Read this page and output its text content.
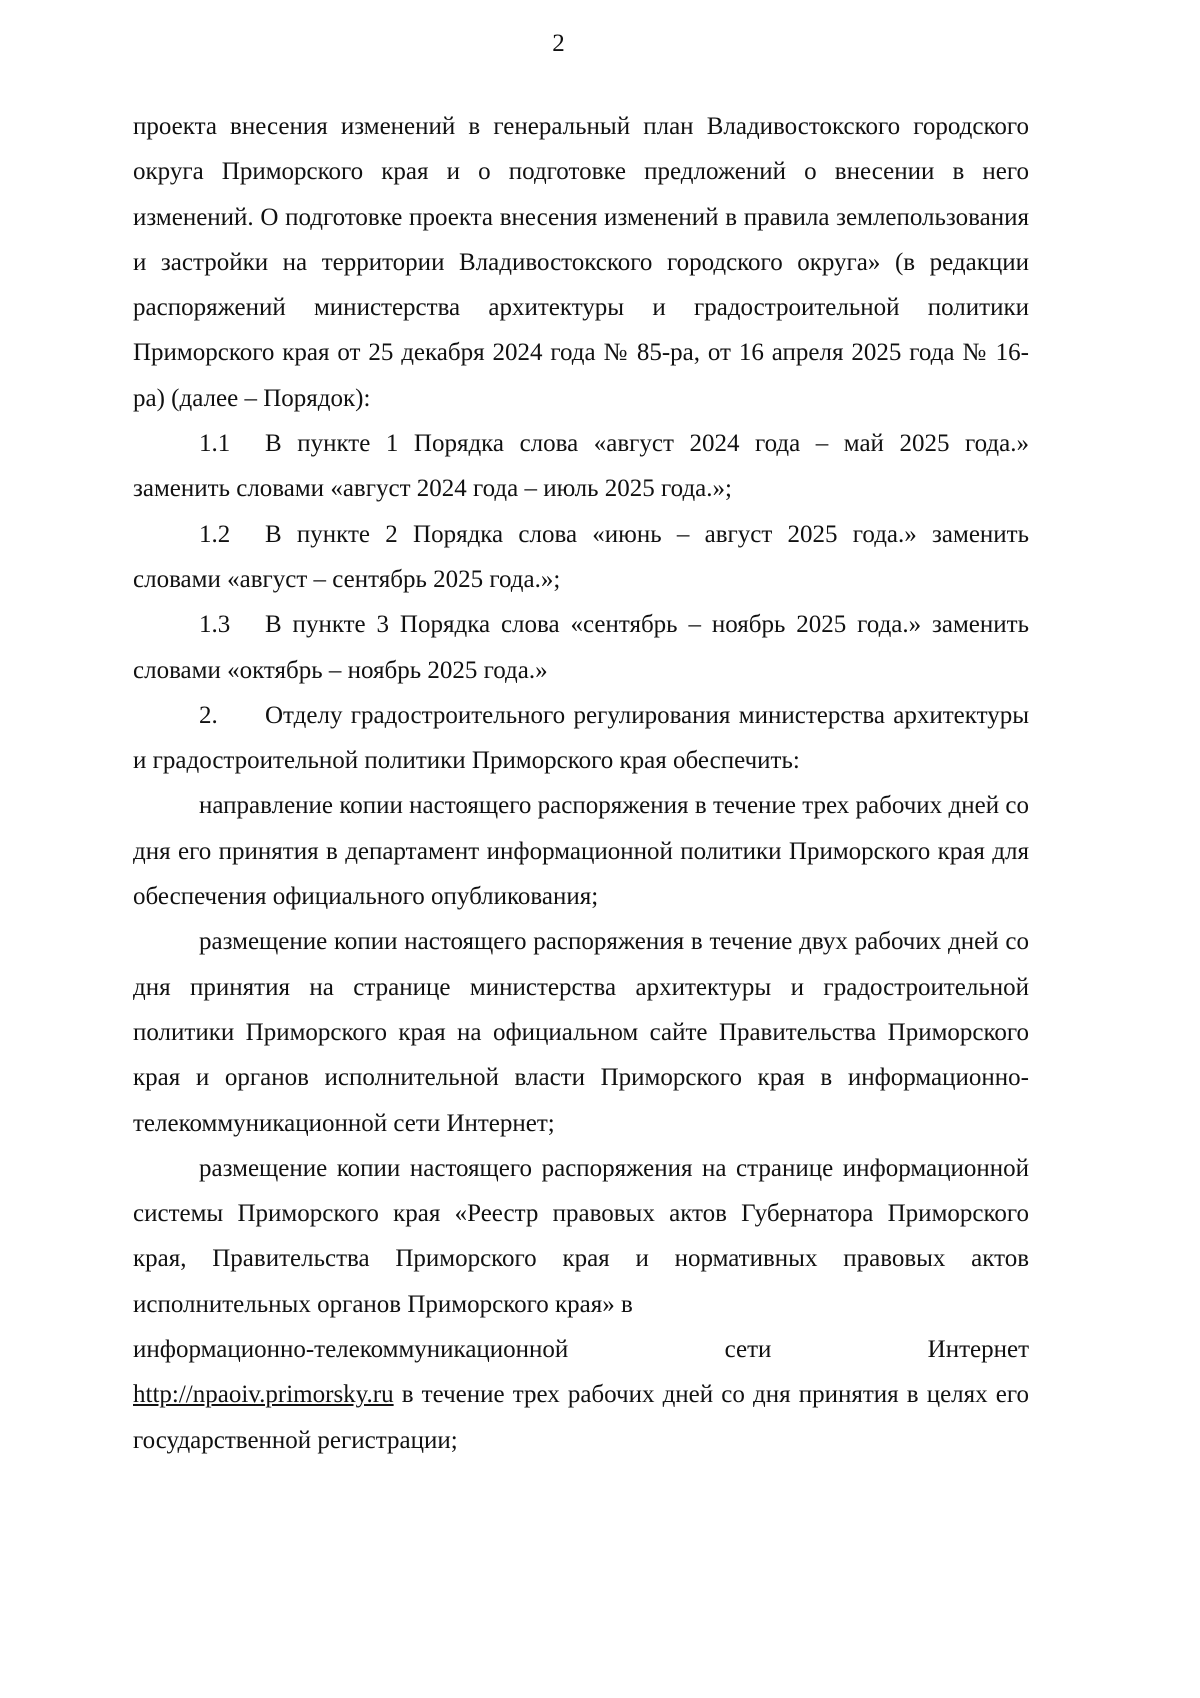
2

проекта внесения изменений в генеральный план Владивостокского городского округа Приморского края и о подготовке предложений о внесении в него изменений. О подготовке проекта внесения изменений в правила землепользования и застройки на территории Владивостокского городского округа» (в редакции распоряжений министерства архитектуры и градостроительной политики Приморского края от 25 декабря 2024 года № 85-ра, от 16 апреля 2025 года № 16-ра) (далее – Порядок):

1.1 В пункте 1 Порядка слова «август 2024 года – май 2025 года.» заменить словами «август 2024 года – июль 2025 года.»;

1.2 В пункте 2 Порядка слова «июнь – август 2025 года.» заменить словами «август – сентябрь 2025 года.»;

1.3 В пункте 3 Порядка слова «сентябрь – ноябрь 2025 года.» заменить словами «октябрь – ноябрь 2025 года.»

2. Отделу градостроительного регулирования министерства архитектуры и градостроительной политики Приморского края обеспечить:

направление копии настоящего распоряжения в течение трех рабочих дней со дня его принятия в департамент информационной политики Приморского края для обеспечения официального опубликования;

размещение копии настоящего распоряжения в течение двух рабочих дней со дня принятия на странице министерства архитектуры и градостроительной политики Приморского края на официальном сайте Правительства Приморского края и органов исполнительной власти Приморского края в информационно-телекоммуникационной сети Интернет;

размещение копии настоящего распоряжения на странице информационной системы Приморского края «Реестр правовых актов Губернатора Приморского края, Правительства Приморского края и нормативных правовых актов исполнительных органов Приморского края» в

информационно-телекоммуникационной	сети	Интернет

http://npaoiv.primorsky.ru в течение трех рабочих дней со дня принятия в целях его государственной регистрации;
